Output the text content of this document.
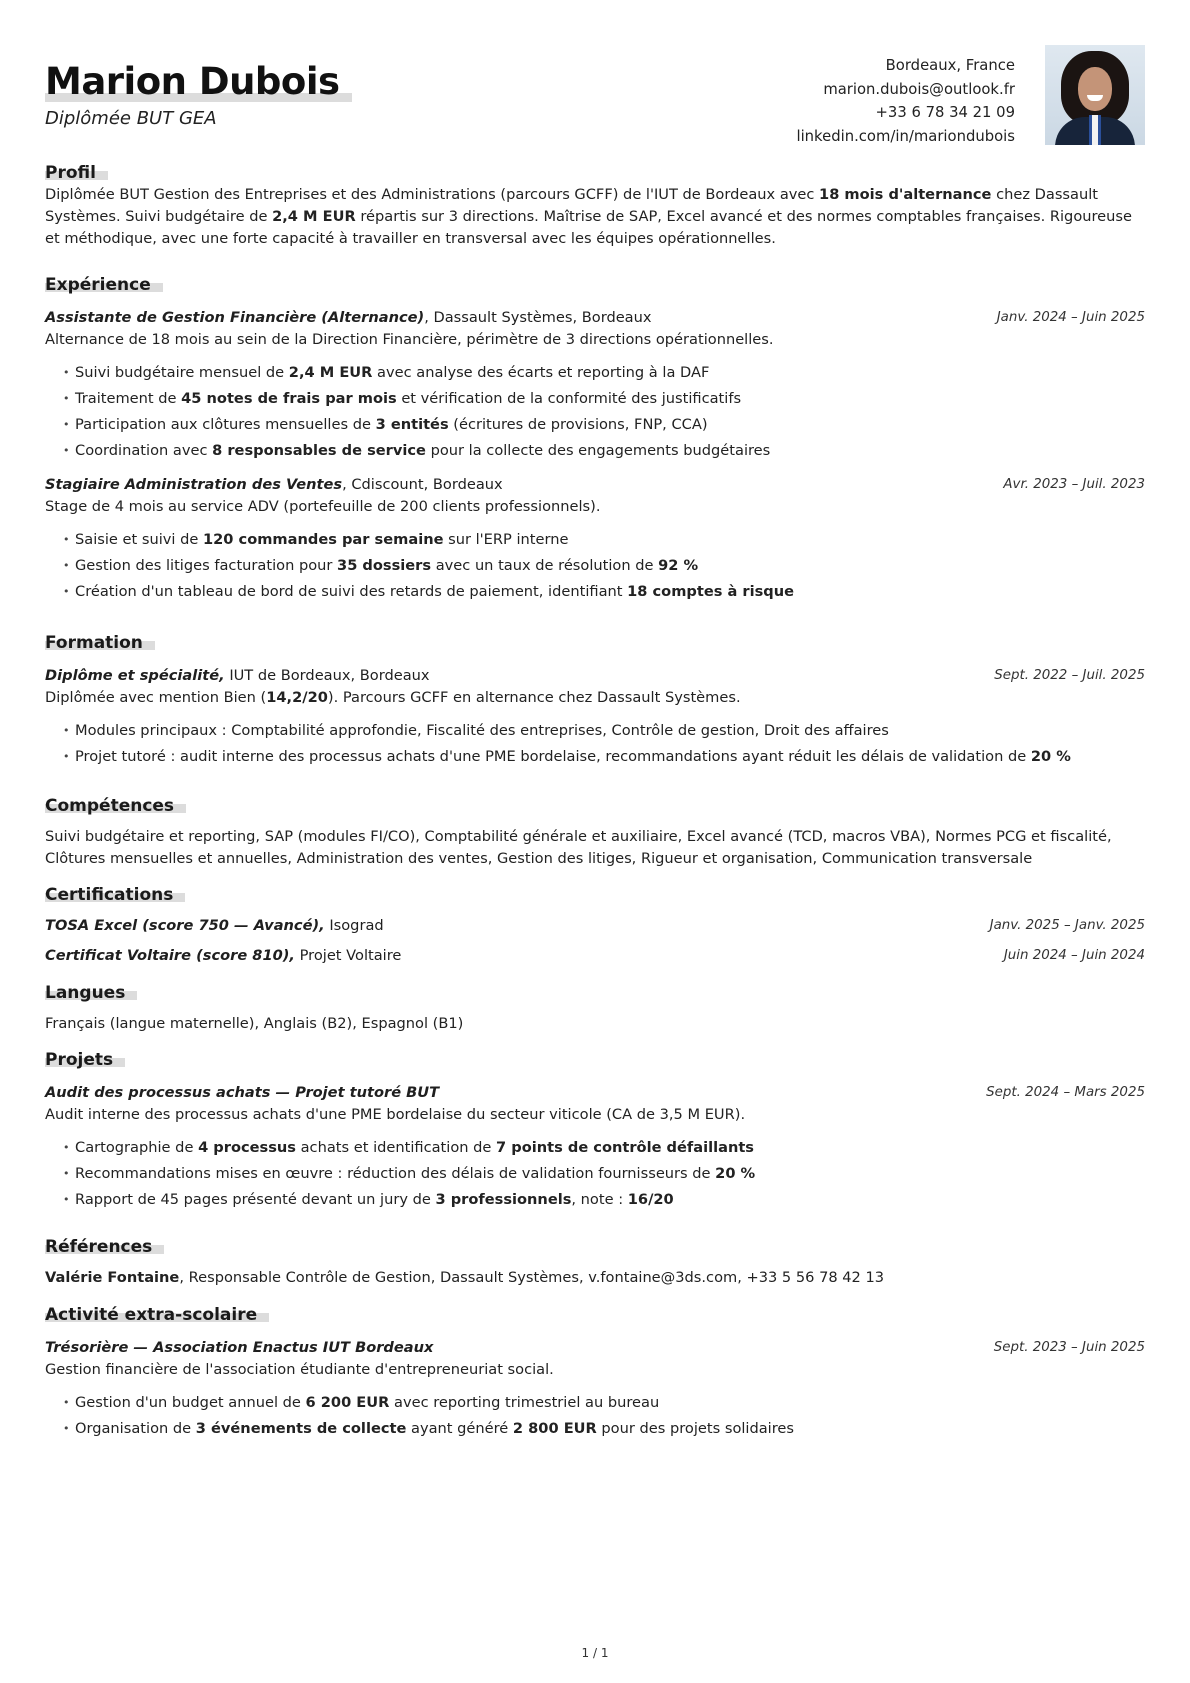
Marion Dubois
Diplômée BUT GEA
Bordeaux, France
marion.dubois@outlook.fr
+33 6 78 34 21 09
linkedin.com/in/mariondubois
Profil
Diplômée BUT Gestion des Entreprises et des Administrations (parcours GCFF) de l'IUT de Bordeaux avec 18 mois d'alternance chez Dassault Systèmes. Suivi budgétaire de 2,4 M EUR répartis sur 3 directions. Maîtrise de SAP, Excel avancé et des normes comptables françaises. Rigoureuse et méthodique, avec une forte capacité à travailler en transversal avec les équipes opérationnelles.
Expérience
Assistante de Gestion Financière (Alternance), Dassault Systèmes, Bordeaux	Janv. 2024 – Juin 2025
Alternance de 18 mois au sein de la Direction Financière, périmètre de 3 directions opérationnelles.
• Suivi budgétaire mensuel de 2,4 M EUR avec analyse des écarts et reporting à la DAF
• Traitement de 45 notes de frais par mois et vérification de la conformité des justificatifs
• Participation aux clôtures mensuelles de 3 entités (écritures de provisions, FNP, CCA)
• Coordination avec 8 responsables de service pour la collecte des engagements budgétaires
Stagiaire Administration des Ventes, Cdiscount, Bordeaux	Avr. 2023 – Juil. 2023
Stage de 4 mois au service ADV (portefeuille de 200 clients professionnels).
• Saisie et suivi de 120 commandes par semaine sur l'ERP interne
• Gestion des litiges facturation pour 35 dossiers avec un taux de résolution de 92 %
• Création d'un tableau de bord de suivi des retards de paiement, identifiant 18 comptes à risque
Formation
Diplôme et spécialité, IUT de Bordeaux, Bordeaux	Sept. 2022 – Juil. 2025
Diplômée avec mention Bien (14,2/20). Parcours GCFF en alternance chez Dassault Systèmes.
• Modules principaux : Comptabilité approfondie, Fiscalité des entreprises, Contrôle de gestion, Droit des affaires
• Projet tutoré : audit interne des processus achats d'une PME bordelaise, recommandations ayant réduit les délais de validation de 20 %
Compétences
Suivi budgétaire et reporting, SAP (modules FI/CO), Comptabilité générale et auxiliaire, Excel avancé (TCD, macros VBA), Normes PCG et fiscalité, Clôtures mensuelles et annuelles, Administration des ventes, Gestion des litiges, Rigueur et organisation, Communication transversale
Certifications
TOSA Excel (score 750 — Avancé), Isograd	Janv. 2025 – Janv. 2025
Certificat Voltaire (score 810), Projet Voltaire	Juin 2024 – Juin 2024
Langues
Français (langue maternelle), Anglais (B2), Espagnol (B1)
Projets
Audit des processus achats — Projet tutoré BUT	Sept. 2024 – Mars 2025
Audit interne des processus achats d'une PME bordelaise du secteur viticole (CA de 3,5 M EUR).
• Cartographie de 4 processus achats et identification de 7 points de contrôle défaillants
• Recommandations mises en œuvre : réduction des délais de validation fournisseurs de 20 %
• Rapport de 45 pages présenté devant un jury de 3 professionnels, note : 16/20
Références
Valérie Fontaine, Responsable Contrôle de Gestion, Dassault Systèmes, v.fontaine@3ds.com, +33 5 56 78 42 13
Activité extra-scolaire
Trésorière — Association Enactus IUT Bordeaux	Sept. 2023 – Juin 2025
Gestion financière de l'association étudiante d'entrepreneuriat social.
• Gestion d'un budget annuel de 6 200 EUR avec reporting trimestriel au bureau
• Organisation de 3 événements de collecte ayant généré 2 800 EUR pour des projets solidaires
1 / 1
